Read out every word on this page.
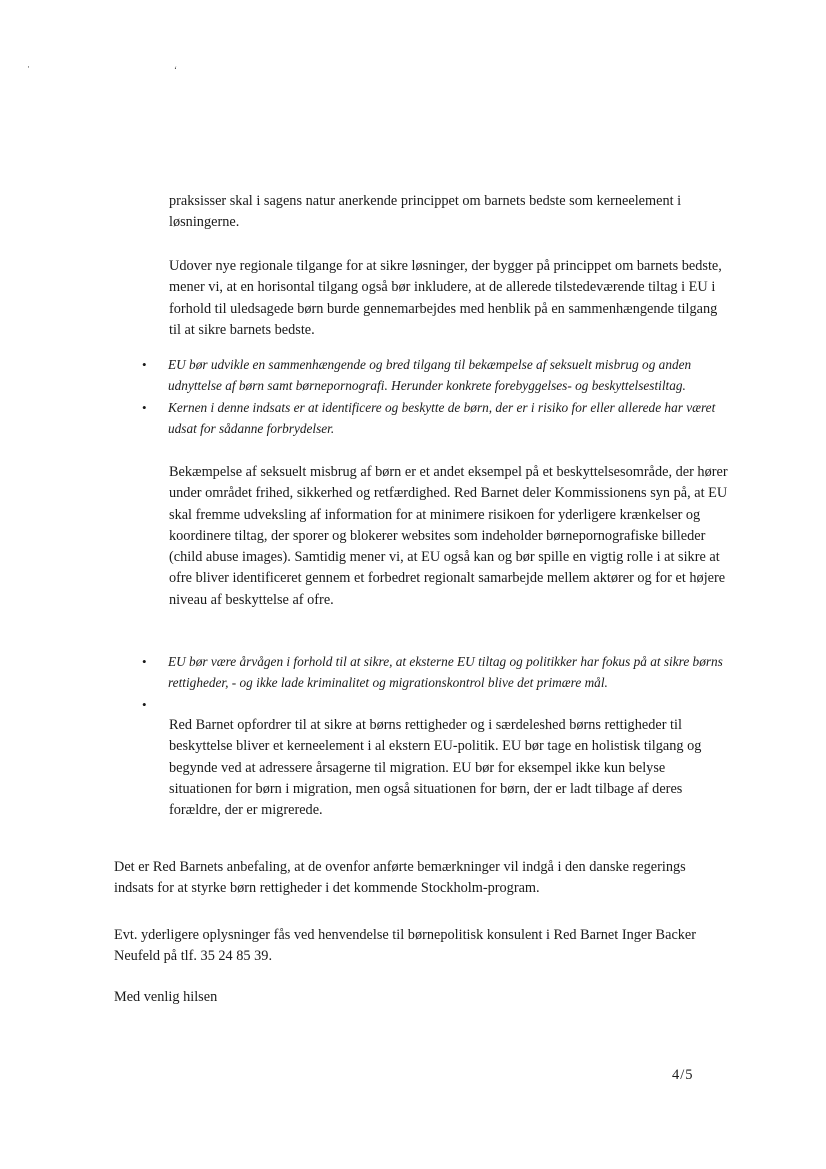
·	ʻ

praksisser skal i sagens natur anerkende princippet om barnets bedste som kerneelement i løsningerne.

Udover nye regionale tilgange for at sikre løsninger, der bygger på princippet om barnets bedste, mener vi, at en horisontal tilgang også bør inkludere, at de allerede tilstedeværende tiltag i EU i forhold til uledsagede børn burde gennemarbejdes med henblik på en sammenhængende tilgang til at sikre barnets bedste.

• EU bør udvikle en sammenhængende og bred tilgang til bekæmpelse af seksuelt misbrug og anden udnyttelse af børn samt børnepornografi. Herunder konkrete forebyggelses- og beskyttelsestiltag.
• Kernen i denne indsats er at identificere og beskytte de børn, der er i risiko for eller allerede har været udsat for sådanne forbrydelser.

Bekæmpelse af seksuelt misbrug af børn er et andet eksempel på et beskyttelsesområde, der hører under området frihed, sikkerhed og retfærdighed. Red Barnet deler Kommissionens syn på, at EU skal fremme udveksling af information for at minimere risikoen for yderligere krænkelser og koordinere tiltag, der sporer og blokerer websites som indeholder børnepornografiske billeder (child abuse images). Samtidig mener vi, at EU også kan og bør spille en vigtig rolle i at sikre at ofre bliver identificeret gennem et forbedret regionalt samarbejde mellem aktører og for et højere niveau af beskyttelse af ofre.

• EU bør være årvågen i forhold til at sikre, at eksterne EU tiltag og politikker har fokus på at sikre børns rettigheder, - og ikke lade kriminalitet og migrationskontrol blive det primære mål.
•

Red Barnet opfordrer til at sikre at børns rettigheder og i særdeleshed børns rettigheder til beskyttelse bliver et kerneelement i al ekstern EU-politik. EU bør tage en holistisk tilgang og begynde ved at adressere årsagerne til migration. EU bør for eksempel ikke kun belyse situationen for børn i migration, men også situationen for børn, der er ladt tilbage af deres forældre, der er migrerede.

Det er Red Barnets anbefaling, at de ovenfor anførte bemærkninger vil indgå i den danske regerings indsats for at styrke børn rettigheder i det kommende Stockholm-program.

Evt. yderligere oplysninger fås ved henvendelse til børnepolitisk konsulent i Red Barnet Inger Backer Neufeld på tlf. 35 24 85 39.

Med venlig hilsen

4/5
